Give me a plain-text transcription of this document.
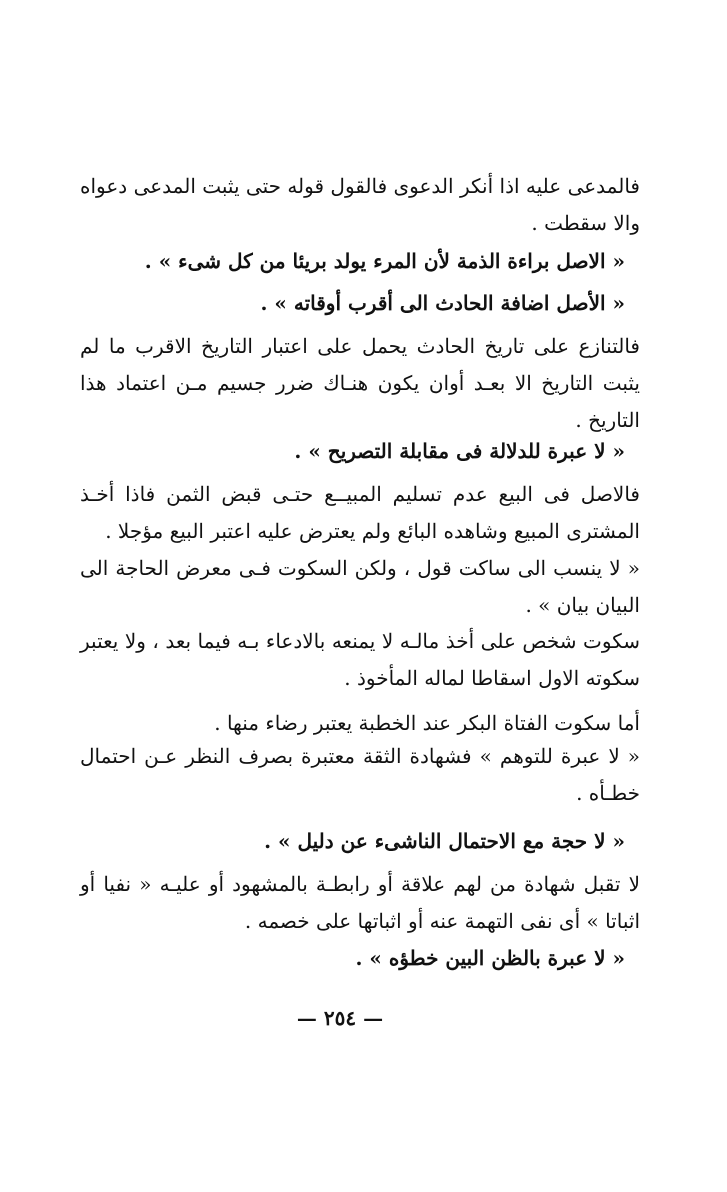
فالمدعى عليه اذا أنكر الدعوى فالقول قوله حتى يثبت المدعى دعواه والا سقطت .

« الاصل براءة الذمة لأن المرء يولد بريئا من كل شىء » .

« الأصل اضافة الحادث الى أقرب أوقاته » .

فالتنازع على تاريخ الحادث يحمل على اعتبار التاريخ الاقرب ما لم يثبت التاريخ الا بعـد أوان يكون هنـاك ضرر جسيم مـن اعتماد هذا التاريخ .

« لا عبرة للدلالة فى مقابلة التصريح » .

فالاصل فى البيع عدم تسليم المبيــع حتـى قبض الثمن فاذا أخـذ المشترى المبيع وشاهده البائع ولم يعترض عليه اعتبر البيع مؤجلا .

« لا ينسب الى ساكت قول ، ولكن السكوت فـى معرض الحاجة الى البيان بيان » .

سكوت شخص على أخذ مالـه لا يمنعه بالادعاء بـه فيما بعد ، ولا يعتبر سكوته الاول اسقاطا لماله المأخوذ .

أما سكوت الفتاة البكر عند الخطبة يعتبر رضاء منها .

« لا عبرة للتوهم » فشهادة الثقة معتبرة بصرف النظر عـن احتمال خطـأه .

« لا حجة مع الاحتمال الناشىء عن دليل » .

لا تقبل شهادة من لهم علاقة أو رابطـة بالمشهود أو عليـه « نفيا أو اثباتا » أى نفى التهمة عنه أو اثباتها على خصمه .

« لا عبرة بالظن البين خطؤه » .

— ٢٥٤ —
